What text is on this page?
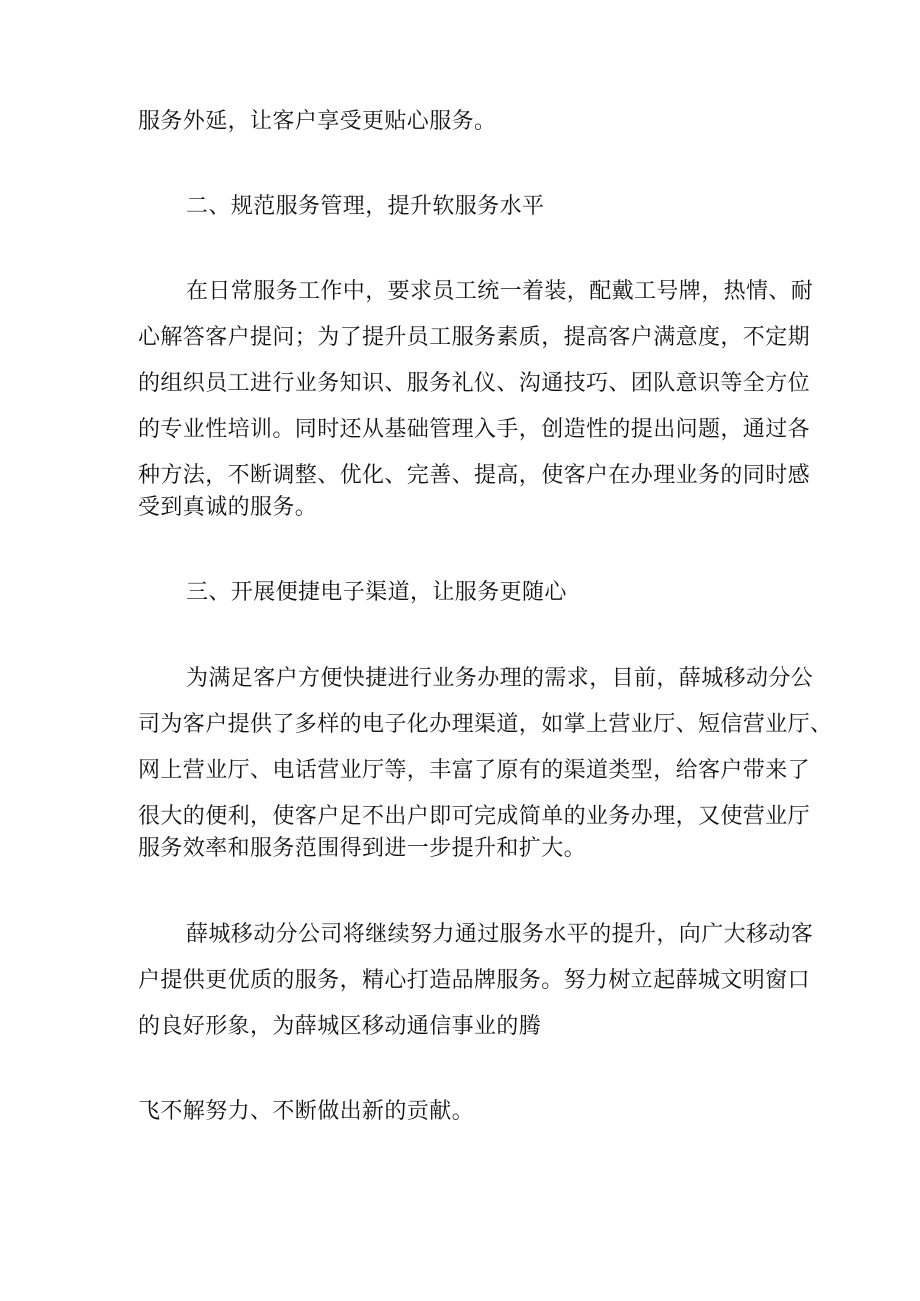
服务外延，让客户享受更贴心服务。
二、规范服务管理，提升软服务水平
在日常服务工作中，要求员工统一着装，配戴工号牌，热情、耐
心解答客户提问；为了提升员工服务素质，提高客户满意度，不定期
的组织员工进行业务知识、服务礼仪、沟通技巧、团队意识等全方位
的专业性培训。同时还从基础管理入手，创造性的提出问题，通过各
种方法，不断调整、优化、完善、提高，使客户在办理业务的同时感
受到真诚的服务。
三、开展便捷电子渠道，让服务更随心
为满足客户方便快捷进行业务办理的需求，目前，薛城移动分公
司为客户提供了多样的电子化办理渠道，如掌上营业厅、短信营业厅、
网上营业厅、电话营业厅等，丰富了原有的渠道类型，给客户带来了
很大的便利，使客户足不出户即可完成简单的业务办理，又使营业厅
服务效率和服务范围得到进一步提升和扩大。
薛城移动分公司将继续努力通过服务水平的提升，向广大移动客
户提供更优质的服务，精心打造品牌服务。努力树立起薛城文明窗口
的良好形象，为薛城区移动通信事业的腾
飞不解努力、不断做出新的贡献。
